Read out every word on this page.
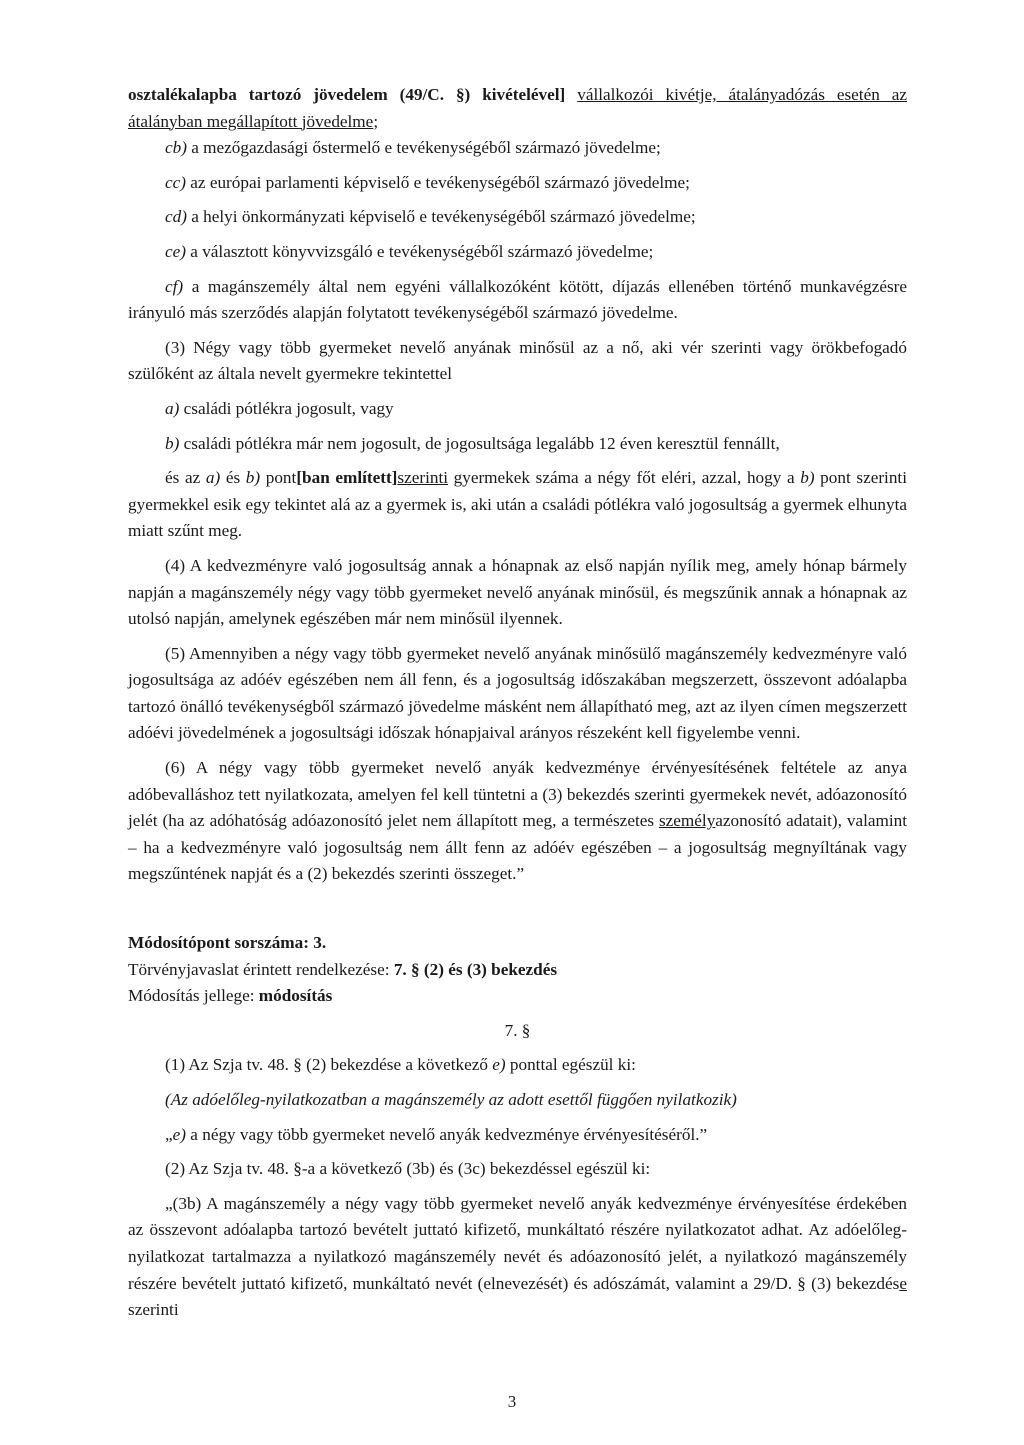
osztalékalapba tartozó jövedelem (49/C. §) kivételével] vállalkozói kivétje, átalányadózás esetén az átalányban megállapított jövedelme;

cb) a mezőgazdasági őstermelő e tevékenységéből származó jövedelme;

cc) az európai parlamenti képviselő e tevékenységéből származó jövedelme;

cd) a helyi önkormányzati képviselő e tevékenységéből származó jövedelme;

ce) a választott könyvvizsgáló e tevékenységéből származó jövedelme;

cf) a magánszemély által nem egyéni vállalkozóként kötött, díjazás ellenében történő munkavégzésre irányuló más szerződés alapján folytatott tevékenységéből származó jövedelme.

(3) Négy vagy több gyermeket nevelő anyának minősül az a nő, aki vér szerinti vagy örökbefogadó szülőként az általa nevelt gyermekre tekintettel

a) családi pótlékra jogosult, vagy

b) családi pótlékra már nem jogosult, de jogosultsága legalább 12 éven keresztül fennállt,

és az a) és b) pont[ban említett]szerinti gyermekek száma a négy főt eléri, azzal, hogy a b) pont szerinti gyermekkel esik egy tekintet alá az a gyermek is, aki után a családi pótlékra való jogosultság a gyermek elhunyta miatt szűnt meg.

(4) A kedvezményre való jogosultság annak a hónapnak az első napján nyílik meg, amely hónap bármely napján a magánszemély négy vagy több gyermeket nevelő anyának minősül, és megszűnik annak a hónapnak az utolsó napján, amelynek egészében már nem minősül ilyennek.

(5) Amennyiben a négy vagy több gyermeket nevelő anyának minősülő magánszemély kedvezményre való jogosultsága az adóév egészében nem áll fenn, és a jogosultság időszakában megszerzett, összevont adóalapba tartozó önálló tevékenységből származó jövedelme másként nem állapítható meg, azt az ilyen címen megszerzett adóévi jövedelmének a jogosultsági időszak hónapjaival arányos részeként kell figyelembe venni.

(6) A négy vagy több gyermeket nevelő anyák kedvezménye érvényesítésének feltétele az anya adóbevalláshoz tett nyilatkozata, amelyen fel kell tüntetni a (3) bekezdés szerinti gyermekek nevét, adóazonosító jelét (ha az adóhatóság adóazonosító jelet nem állapított meg, a természetes személyazonosító adatait), valamint – ha a kedvezményre való jogosultság nem állt fenn az adóév egészében – a jogosultság megnyíltának vagy megszűntének napját és a (2) bekezdés szerinti összeget.”

Módosítópont sorszáma: 3.

Törvényjavaslat érintett rendelkezése: 7. § (2) és (3) bekezdés

Módosítás jellege: módosítás

7. §

(1) Az Szja tv. 48. § (2) bekezdése a következő e) ponttal egészül ki:

(Az adóelőleg-nyilatkozatban a magánszemély az adott esettől függően nyilatkozik)

„e) a négy vagy több gyermeket nevelő anyák kedvezménye érvényesítéséről.”

(2) Az Szja tv. 48. §-a a következő (3b) és (3c) bekezdéssel egészül ki:

„(3b) A magánszemély a négy vagy több gyermeket nevelő anyák kedvezménye érvényesítése érdekében az összevont adóalapba tartozó bevételt juttató kifizető, munkáltató részére nyilatkozatot adhat. Az adóelőleg-nyilatkozat tartalmazza a nyilatkozó magánszemély nevét és adóazonosító jelét, a nyilatkozó magánszemély részére bevételt juttató kifizető, munkáltató nevét (elnevezését) és adószámát, valamint a 29/D. § (3) bekezdése szerinti

3
